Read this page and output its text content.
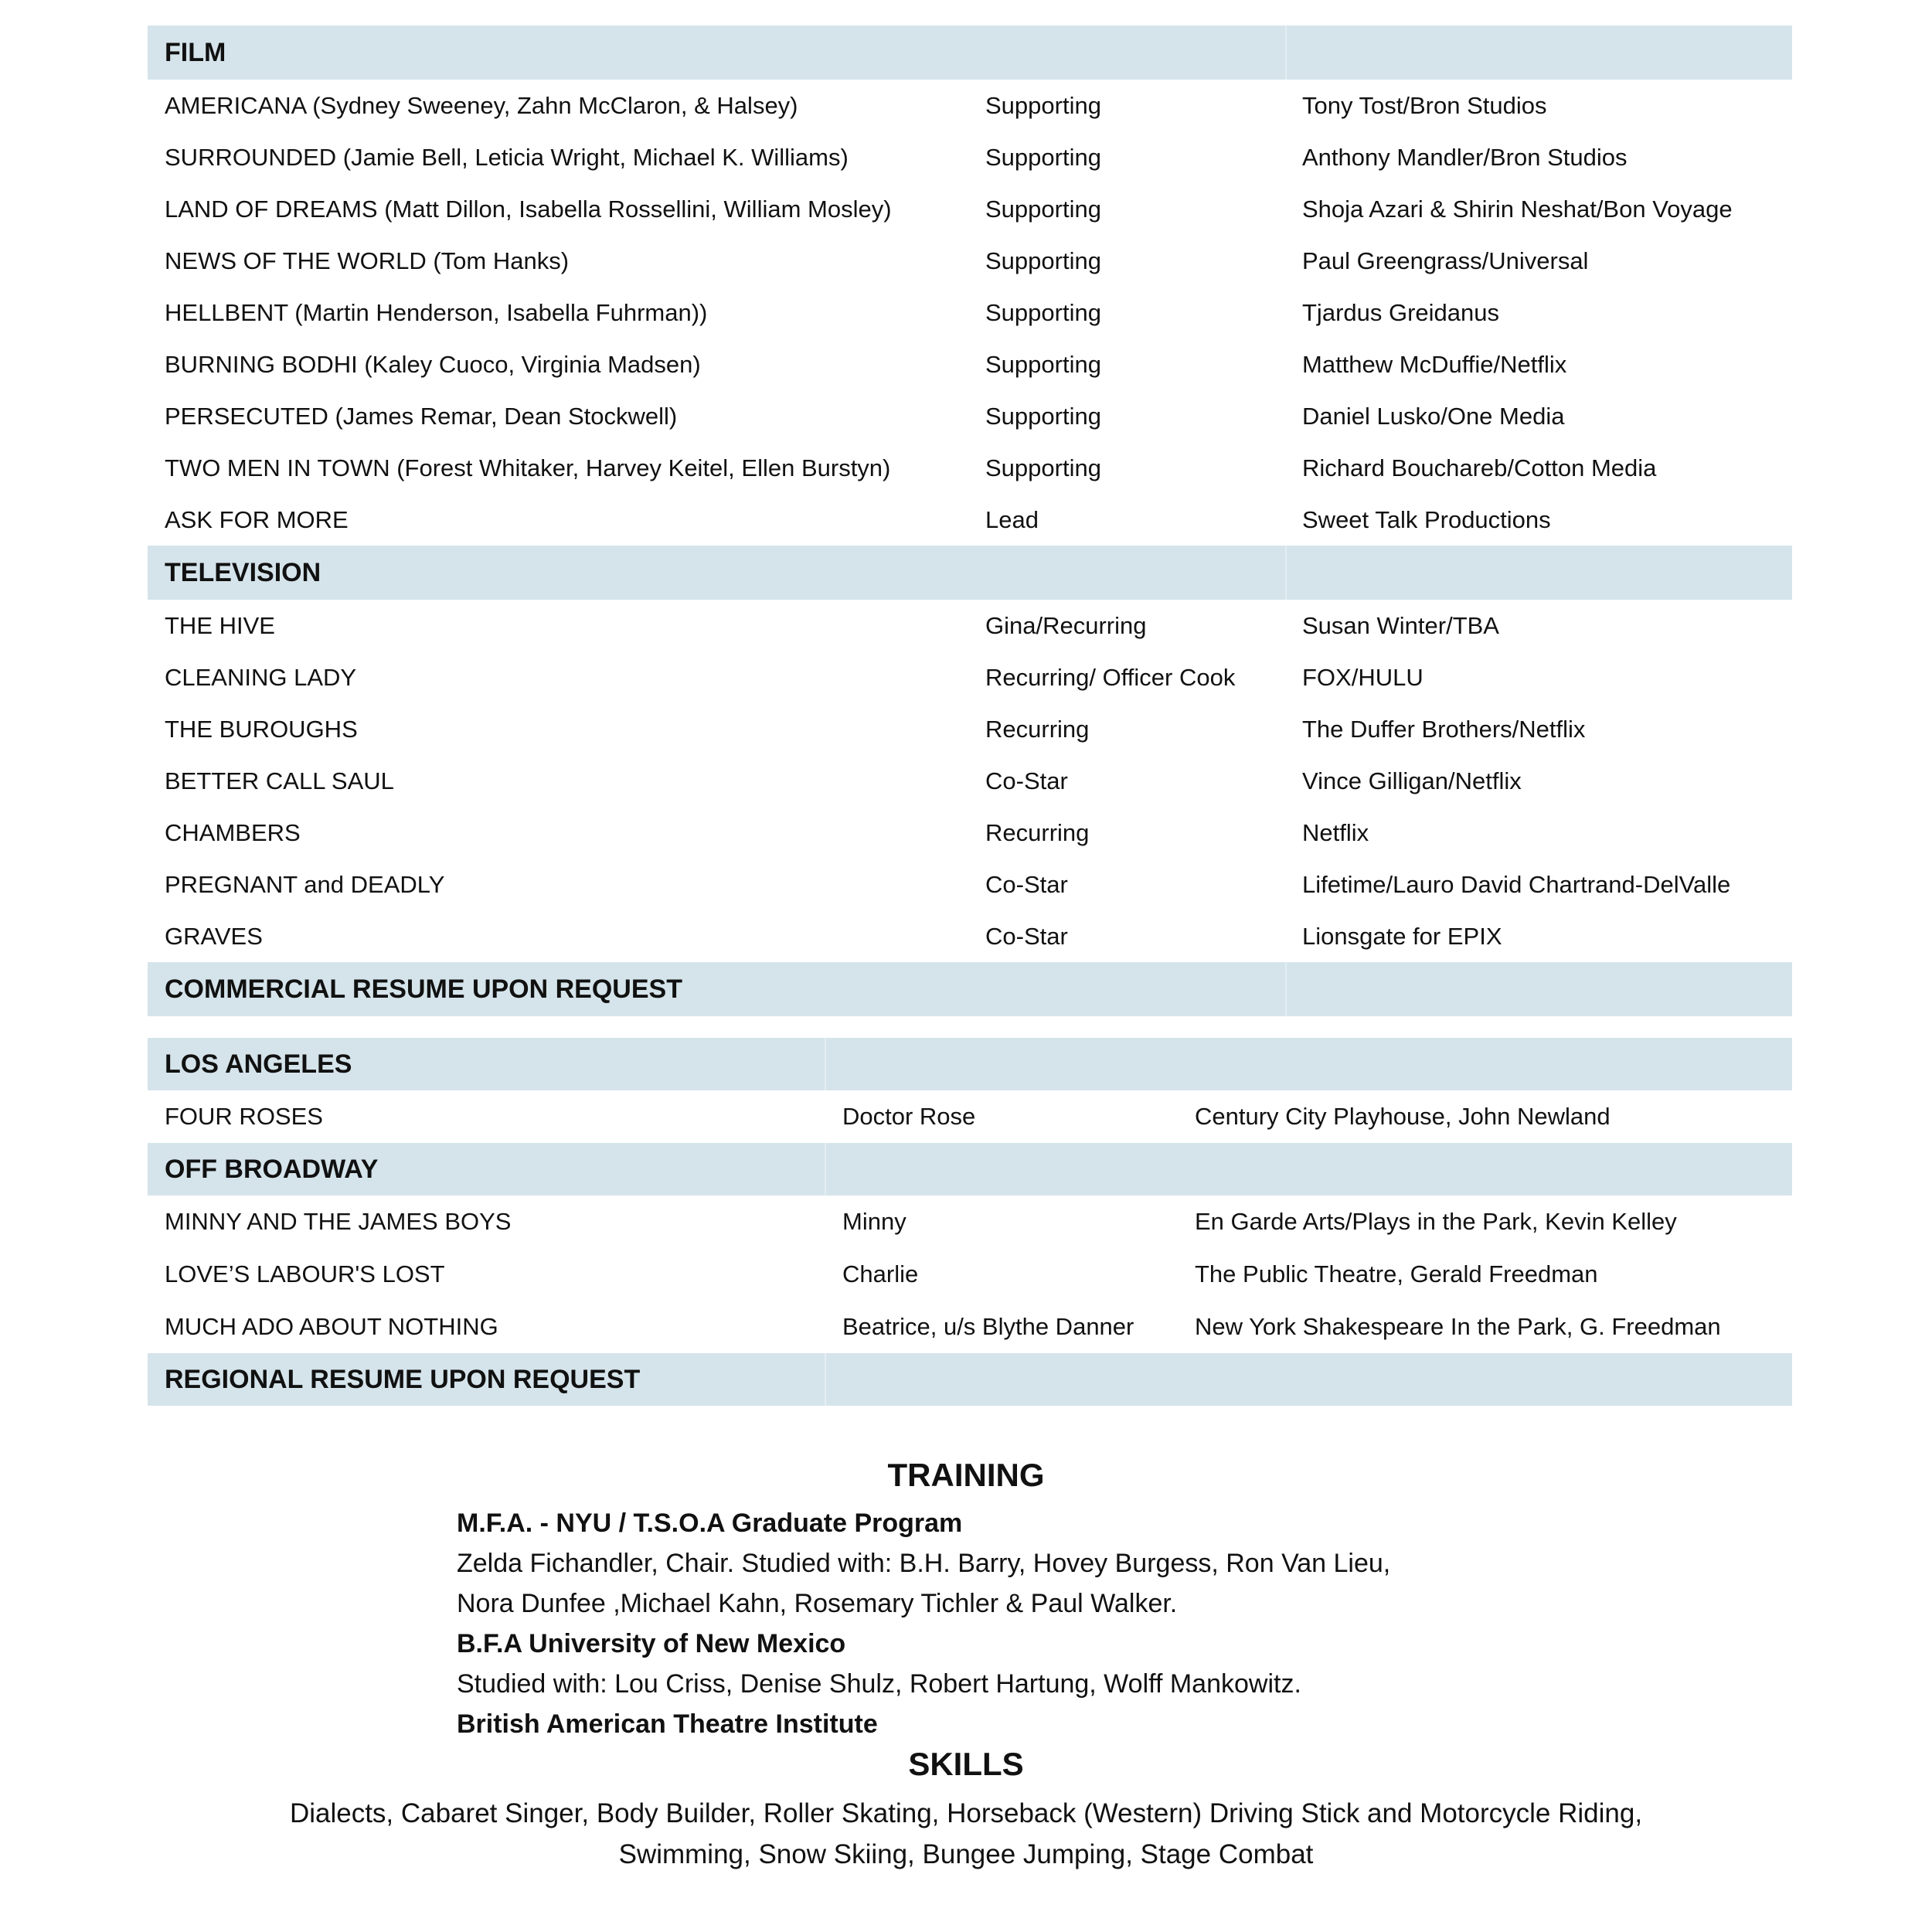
FILM
AMERICANA (Sydney Sweeney, Zahn McClaron, & Halsey)	Supporting	Tony Tost/Bron Studios
SURROUNDED (Jamie Bell, Leticia Wright, Michael K. Williams)	Supporting	Anthony Mandler/Bron Studios
LAND OF DREAMS (Matt Dillon, Isabella Rossellini, William Mosley)	Supporting	Shoja Azari & Shirin Neshat/Bon Voyage
NEWS OF THE WORLD (Tom Hanks)	Supporting	Paul Greengrass/Universal
HELLBENT (Martin Henderson, Isabella Fuhrman))	Supporting	Tjardus Greidanus
BURNING BODHI (Kaley Cuoco, Virginia Madsen)	Supporting	Matthew McDuffie/Netflix
PERSECUTED (James Remar, Dean Stockwell)	Supporting	Daniel Lusko/One Media
TWO MEN IN TOWN (Forest Whitaker, Harvey Keitel, Ellen Burstyn)	Supporting	Richard Bouchareb/Cotton Media
ASK FOR MORE	Lead	Sweet Talk Productions
TELEVISION
THE HIVE	Gina/Recurring	Susan Winter/TBA
CLEANING LADY	Recurring/ Officer Cook	FOX/HULU
THE BUROUGHS	Recurring	The Duffer Brothers/Netflix
BETTER CALL SAUL	Co-Star	Vince Gilligan/Netflix
CHAMBERS	Recurring	Netflix
PREGNANT and DEADLY	Co-Star	Lifetime/Lauro David Chartrand-DelValle
GRAVES	Co-Star	Lionsgate for EPIX
COMMERCIAL RESUME UPON REQUEST
LOS ANGELES
FOUR ROSES	Doctor Rose	Century City Playhouse, John Newland
OFF BROADWAY
MINNY AND THE JAMES BOYS	Minny	En Garde Arts/Plays in the Park, Kevin Kelley
LOVE’S LABOUR'S LOST	Charlie	The Public Theatre, Gerald Freedman
MUCH ADO ABOUT NOTHING	Beatrice, u/s Blythe Danner	New York Shakespeare In the Park, G. Freedman
REGIONAL RESUME UPON REQUEST
TRAINING
M.F.A. - NYU / T.S.O.A Graduate Program
Zelda Fichandler, Chair. Studied with: B.H. Barry, Hovey Burgess, Ron Van Lieu,
Nora Dunfee ,Michael Kahn, Rosemary Tichler & Paul Walker.
B.F.A University of New Mexico
Studied with: Lou Criss, Denise Shulz, Robert Hartung, Wolff Mankowitz.
British American Theatre Institute
SKILLS
Dialects, Cabaret Singer, Body Builder, Roller Skating, Horseback (Western) Driving Stick and Motorcycle Riding,
Swimming, Snow Skiing, Bungee Jumping, Stage Combat
